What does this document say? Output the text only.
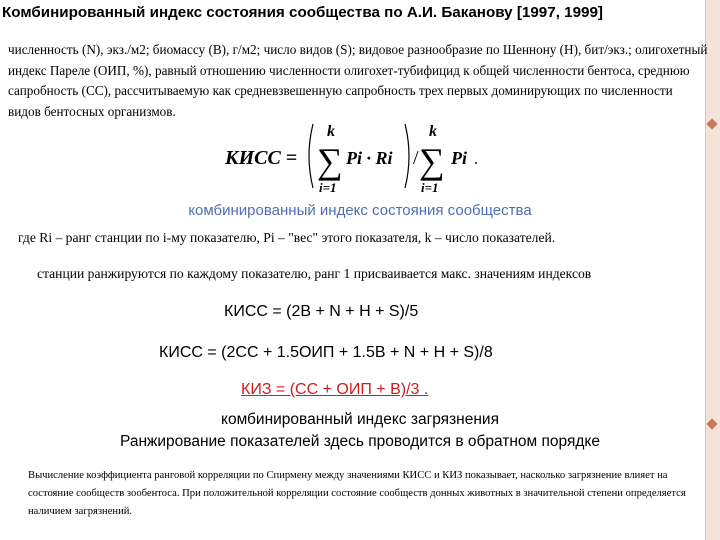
Комбинированный индекс состояния сообщества по А.И. Баканову [1997, 1999]

численность (N), экз./м2; биомассу (B), г/м2; число видов (S); видовое разнообразие по Шеннону (H), бит/экз.; олигохетный индекс Пареле (ОИП, %), равный отношению численности олигохет-тубифицид к общей численности бентоса, среднюю сапробность (СС), рассчитываемую как средневзвешенную сапробность трех первых доминирующих по численности видов бентосных организмов.

КИСС =
k
∑
i=1
Pi · Ri /
k
∑
i=1
Pi .

комбинированный индекс состояния сообщества

где Ri – ранг станции по i-му показателю, Pi – "вес" этого показателя, k – число показателей.

станции ранжируются по каждому показателю, ранг 1 присваивается макс. значениям индексов

КИСС = (2B + N + H + S)/5

КИСС = (2СС + 1.5ОИП + 1.5B + N + H + S)/8

КИЗ = (СС + ОИП + B)/3 .

комбинированный индекс загрязнения

Ранжирование показателей здесь проводится в обратном порядке

Вычисление коэффициента ранговой корреляции по Спирмену между значениями КИСС и КИЗ показывает, насколько загрязнение влияет на состояние сообществ зообентоса. При положительной корреляции состояние сообществ донных животных в значительной степени определяется наличием загрязнений.
